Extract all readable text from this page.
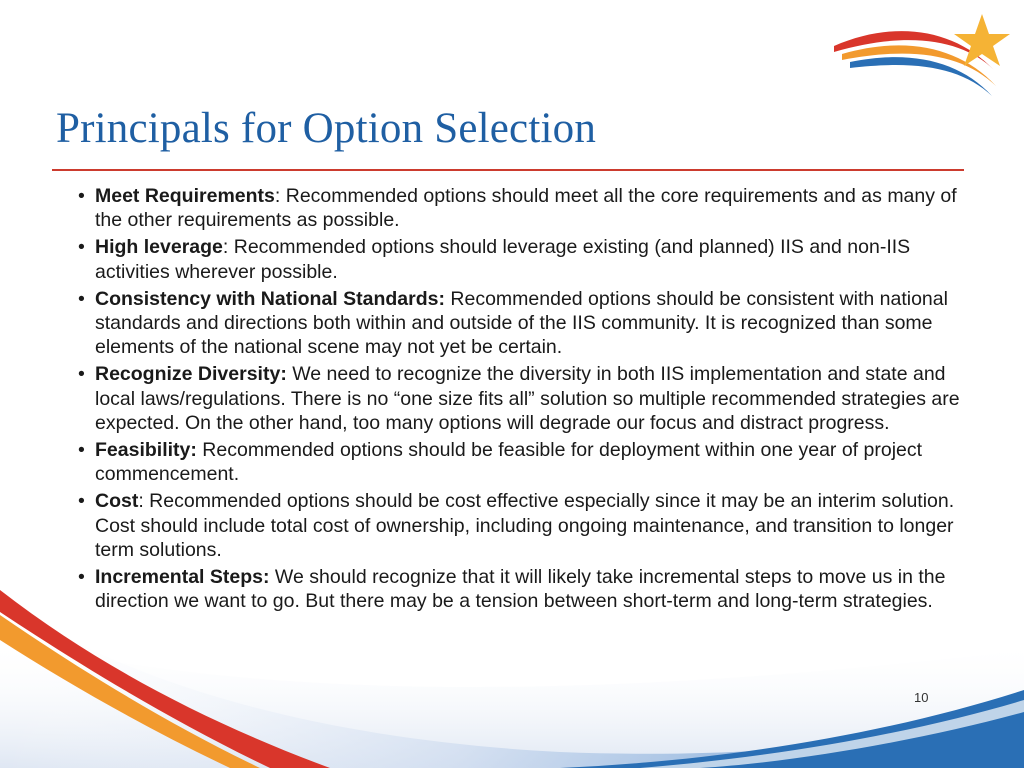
Principals for Option Selection
• Meet Requirements: Recommended options should meet all the core requirements and as many of the other requirements as possible.
• High leverage: Recommended options should leverage existing (and planned) IIS and non-IIS activities wherever possible.
• Consistency with National Standards: Recommended options should be consistent with national standards and directions both within and outside of the IIS community. It is recognized than some elements of the national scene may not yet be certain.
• Recognize Diversity: We need to recognize the diversity in both IIS implementation and state and local laws/regulations. There is no “one size fits all” solution so multiple recommended strategies are expected. On the other hand, too many options will degrade our focus and distract progress.
• Feasibility: Recommended options should be feasible for deployment within one year of project commencement.
• Cost: Recommended options should be cost effective especially since it may be an interim solution. Cost should include total cost of ownership, including ongoing maintenance, and transition to longer term solutions.
• Incremental Steps: We should recognize that it will likely take incremental steps to move us in the direction we want to go. But there may be a tension between short-term and long-term strategies.
10
